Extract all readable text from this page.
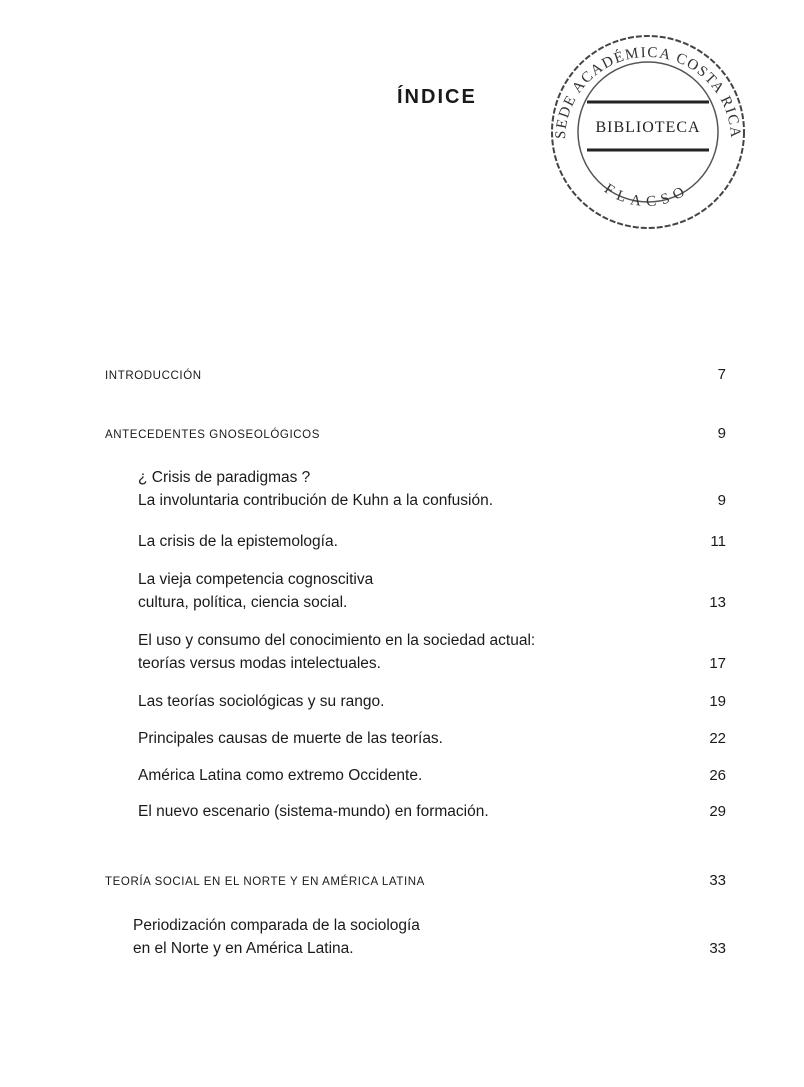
ÍNDICE
SEDE ACADÉMICA COSTA RICA
BIBLIOTECA
FLACSO
INTRODUCCIÓN	7
ANTECEDENTES GNOSEOLÓGICOS	9
¿ Crisis de paradigmas ?
La involuntaria contribución de Kuhn a la confusión.	9
La crisis de la epistemología.	11
La vieja competencia cognoscitiva
cultura, política, ciencia social.	13
El uso y consumo del conocimiento en la sociedad actual:
teorías versus modas intelectuales.	17
Las teorías sociológicas y su rango.	19
Principales causas de muerte de las teorías.	22
América Latina como extremo Occidente.	26
El nuevo escenario (sistema-mundo) en formación.	29
TEORÍA SOCIAL EN EL NORTE Y EN AMÉRICA LATINA	33
Periodización comparada de la sociología
en el Norte y en América Latina.	33
